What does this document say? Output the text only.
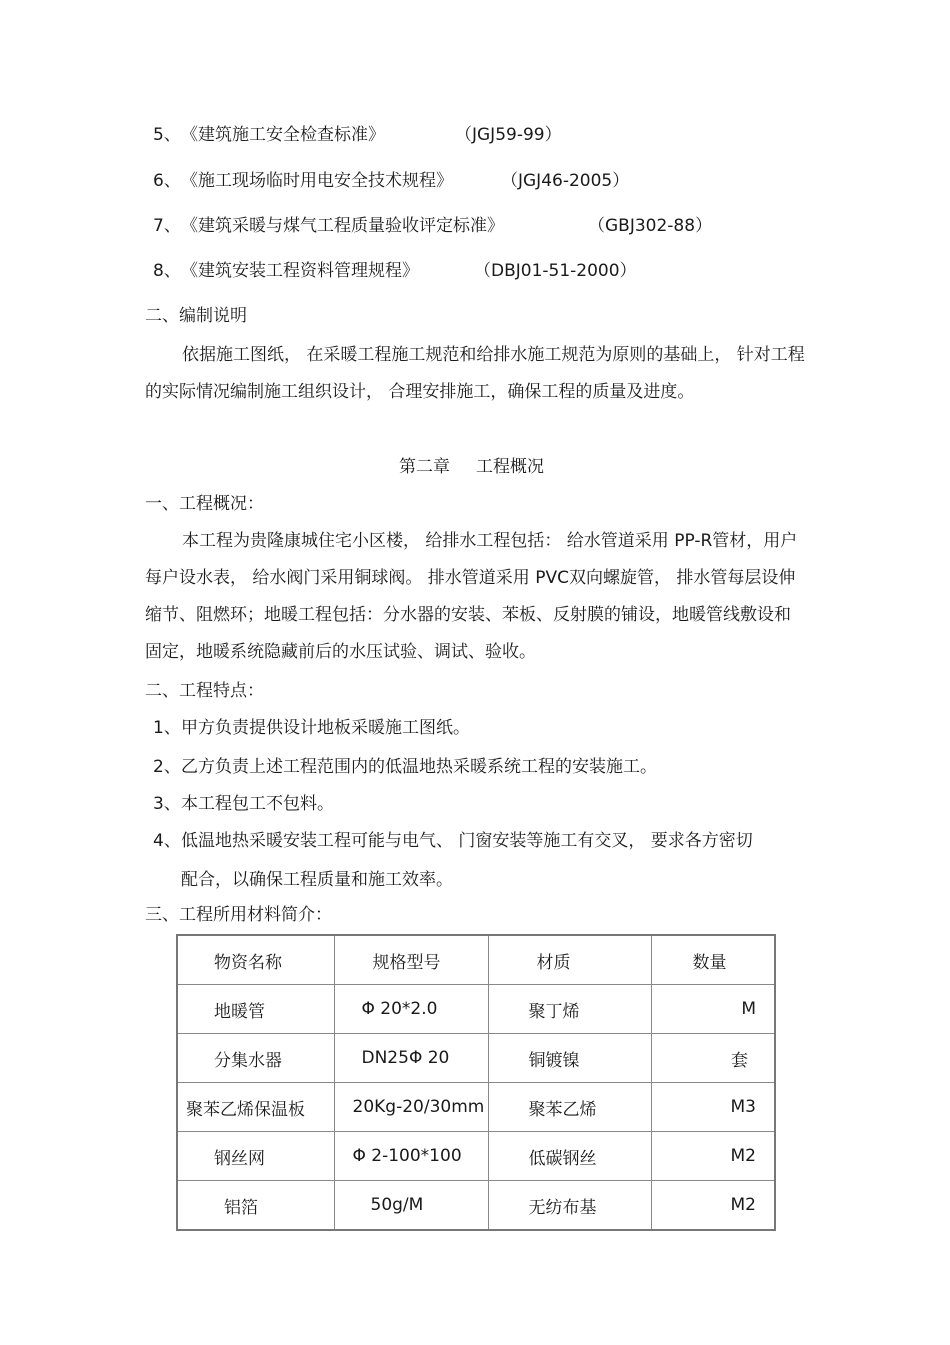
5、 《建筑施工安全检查标准》	（JGJ59-99）
6、 《施工现场临时用电安全技术规程》	（JGJ46-2005）
7、 《建筑采暖与煤气工程质量验收评定标准》	（GBJ302-88）
8、 《建筑安装工程资料管理规程》	（DBJ01-51-2000）
二、编制说明
依据施工图纸， 在采暖工程施工规范和给排水施工规范为原则的基础上， 针对工程的实际情况编制施工组织设计， 合理安排施工，确保工程的质量及进度。
第二章 工程概况
一、工程概况：
本工程为贵隆康城住宅小区楼， 给排水工程包括： 给水管道采用 PP-R管材，用户每户设水表， 给水阀门采用铜球阀。 排水管道采用 PVC双向螺旋管， 排水管每层设伸缩节、阻燃环；地暖工程包括：分水器的安装、苯板、反射膜的铺设，地暖管线敷设和固定，地暖系统隐藏前后的水压试验、调试、验收。
二、工程特点：
1、 甲方负责提供设计地板采暖施工图纸。
2、 乙方负责上述工程范围内的低温地热采暖系统工程的安装施工。
3、 本工程包工不包料。
4、 低温地热采暖安装工程可能与电气、 门窗安装等施工有交叉， 要求各方密切
配合，以确保工程质量和施工效率。
三、工程所用材料简介：
物资名称	规格型号	材质	数量
地暖管	Φ 20*2.0	聚丁烯	M
分集水器	DN25Φ 20	铜镀镍	套
聚苯乙烯保温板	20Kg-20/30mm	聚苯乙烯	M3
钢丝网	Φ 2-100*100	低碳钢丝	M2
铝箔	50g/M	无纺布基	M2
